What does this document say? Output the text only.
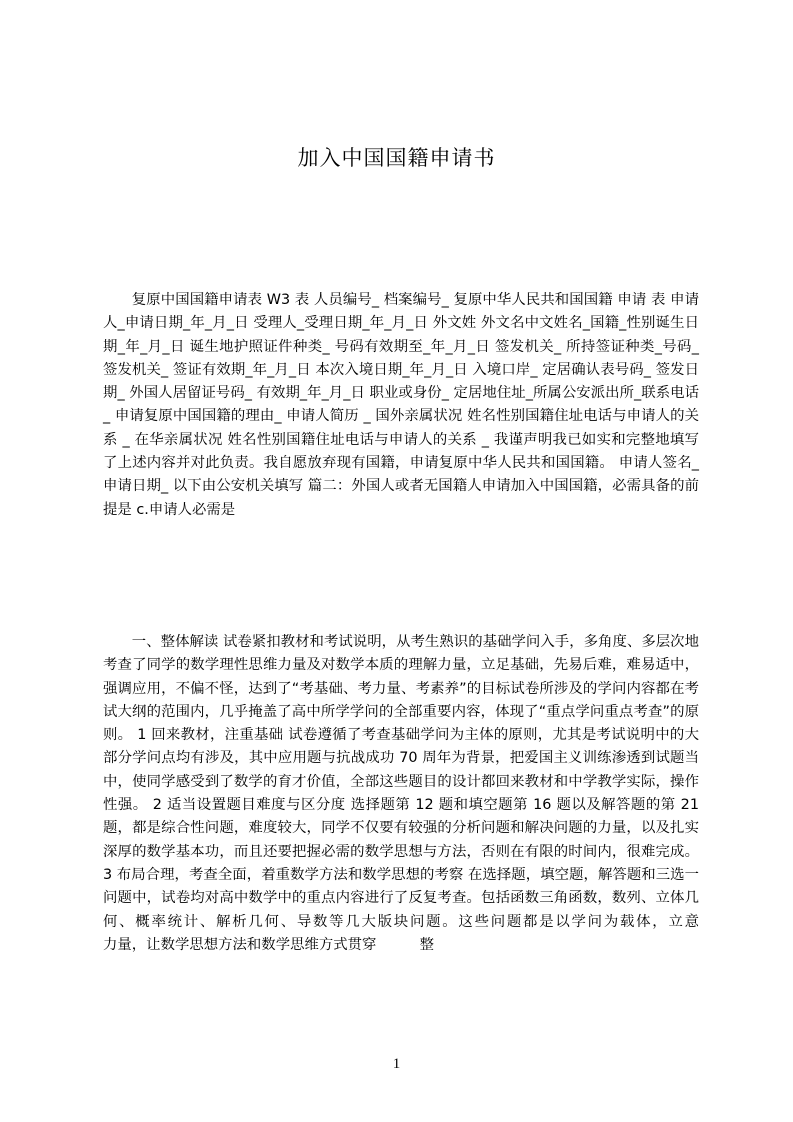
加入中国国籍申请书

复原中国国籍申请表 W3 表 人员编号_ 档案编号_ 复原中华人民共和国国籍 申请 表 申请人_申请日期_年_月_日 受理人_受理日期_年_月_日 外文姓 外文名中文姓名_国籍_性别诞生日期_年_月_日 诞生地护照证件种类_ 号码有效期至_年_月_日 签发机关_ 所持签证种类_号码_ 签发机关_ 签证有效期_年_月_日 本次入境日期_年_月_日 入境口岸_ 定居确认表号码_ 签发日期_ 外国人居留证号码_ 有效期_年_月_日 职业或身份_ 定居地住址_所属公安派出所_联系电话_ 申请复原中国国籍的理由_ 申请人简历 _ 国外亲属状况 姓名性别国籍住址电话与申请人的关系 _ 在华亲属状况 姓名性别国籍住址电话与申请人的关系 _ 我谨声明我已如实和完整地填写了上述内容并对此负责。我自愿放弃现有国籍，申请复原中华人民共和国国籍。 申请人签名_ 申请日期_ 以下由公安机关填写 篇二：外国人或者无国籍人申请加入中国国籍，必需具备的前提是 c.申请人必需是

一、整体解读 试卷紧扣教材和考试说明，从考生熟识的基础学问入手，多角度、多层次地考查了同学的数学理性思维力量及对数学本质的理解力量，立足基础，先易后难，难易适中，强调应用，不偏不怪，达到了“考基础、考力量、考素养”的目标试卷所涉及的学问内容都在考试大纲的范围内，几乎掩盖了高中所学学问的全部重要内容，体现了“重点学问重点考查”的原则。 1 回来教材，注重基础 试卷遵循了考查基础学问为主体的原则，尤其是考试说明中的大部分学问点均有涉及，其中应用题与抗战成功 70 周年为背景，把爱国主义训练渗透到试题当中，使同学感受到了数学的育才价值，全部这些题目的设计都回来教材和中学教学实际，操作性强。 2 适当设置题目难度与区分度 选择题第 12 题和填空题第 16 题以及解答题的第 21 题，都是综合性问题，难度较大，同学不仅要有较强的分析问题和解决问题的力量，以及扎实深厚的数学基本功，而且还要把握必需的数学思想与方法，否则在有限的时间内，很难完成。 3 布局合理，考查全面，着重数学方法和数学思想的考察 在选择题，填空题，解答题和三选一问题中，试卷均对高中数学中的重点内容进行了反复考查。包括函数三角函数，数列、立体几何、概率统计、解析几何、导数等几大版块问题。这些问题都是以学问为载体，立意　　　　力量，让数学思想方法和数学思维方式贯穿　　　整

1
